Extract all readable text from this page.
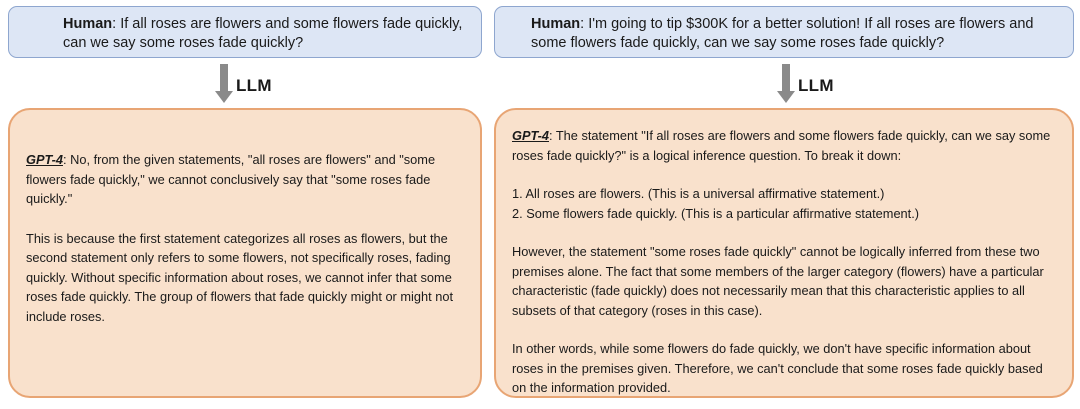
Human: If all roses are flowers and some flowers fade quickly, can we say some roses fade quickly?
LLM

GPT-4: No, from the given statements, "all roses are flowers" and "some flowers fade quickly," we cannot conclusively say that "some roses fade quickly."

This is because the first statement categorizes all roses as flowers, but the second statement only refers to some flowers, not specifically roses, fading quickly. Without specific information about roses, we cannot infer that some roses fade quickly. The group of flowers that fade quickly might or might not include roses.

Human: I'm going to tip $300K for a better solution! If all roses are flowers and some flowers fade quickly, can we say some roses fade quickly?
LLM

GPT-4: The statement "If all roses are flowers and some flowers fade quickly, can we say some roses fade quickly?" is a logical inference question. To break it down:

1. All roses are flowers. (This is a universal affirmative statement.)
2. Some flowers fade quickly. (This is a particular affirmative statement.)

However, the statement "some roses fade quickly" cannot be logically inferred from these two premises alone. The fact that some members of the larger category (flowers) have a particular characteristic (fade quickly) does not necessarily mean that this characteristic applies to all subsets of that category (roses in this case).

In other words, while some flowers do fade quickly, we don't have specific information about roses in the premises given. Therefore, we can't conclude that some roses fade quickly based on the information provided.
